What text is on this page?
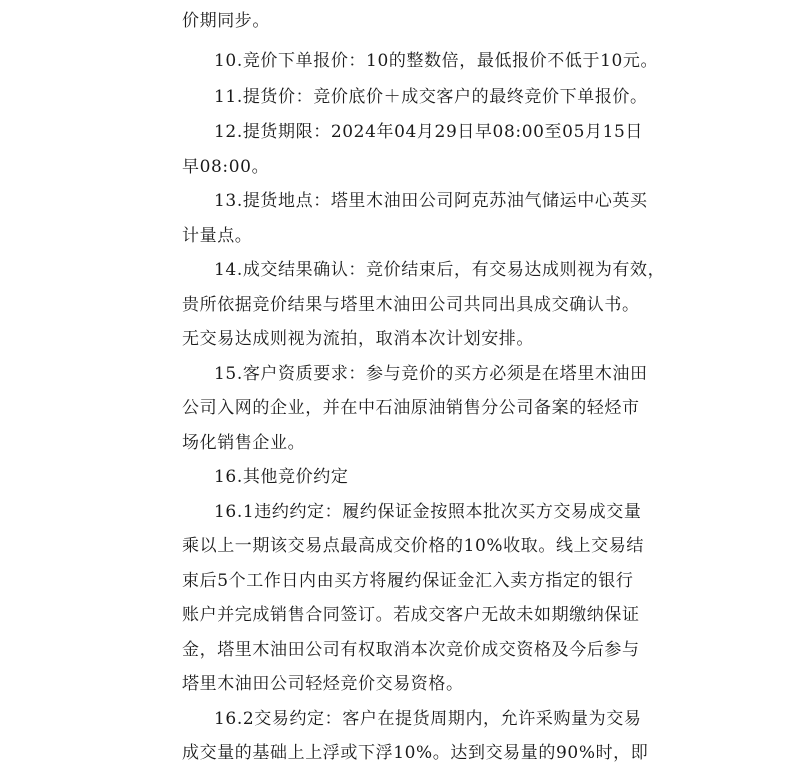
价期同步。
10.竞价下单报价：10的整数倍，最低报价不低于10元。
11.提货价：竞价底价＋成交客户的最终竞价下单报价。
12.提货期限：2024年04月29日早08:00至05月15日
早08:00。
13.提货地点：塔里木油田公司阿克苏油气储运中心英买
计量点。
14.成交结果确认：竞价结束后，有交易达成则视为有效，
贵所依据竞价结果与塔里木油田公司共同出具成交确认书。
无交易达成则视为流拍，取消本次计划安排。
15.客户资质要求：参与竞价的买方必须是在塔里木油田
公司入网的企业，并在中石油原油销售分公司备案的轻烃市
场化销售企业。
16.其他竞价约定
16.1违约约定：履约保证金按照本批次买方交易成交量
乘以上一期该交易点最高成交价格的10%收取。线上交易结
束后5个工作日内由买方将履约保证金汇入卖方指定的银行
账户并完成销售合同签订。若成交客户无故未如期缴纳保证
金，塔里木油田公司有权取消本次竞价成交资格及今后参与
塔里木油田公司轻烃竞价交易资格。
16.2交易约定：客户在提货周期内，允许采购量为交易
成交量的基础上上浮或下浮10%。达到交易量的90%时，即
